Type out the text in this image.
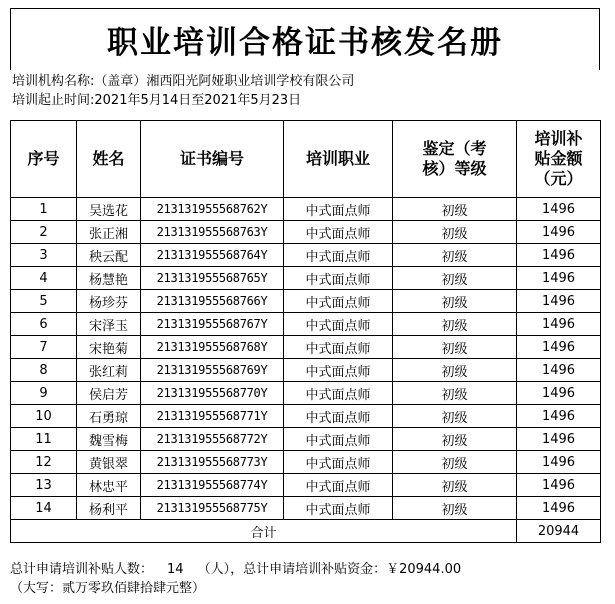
职业培训合格证书核发名册
培训机构名称:（盖章）湘西阳光阿娅职业培训学校有限公司
培训起止时间:2021年5月14日至2021年5月23日
序号	姓名	证书编号	培训职业	鉴定（考核）等级	培训补贴金额（元）
1	吴选花	213131955568762Y	中式面点师	初级	1496
2	张正湘	213131955568763Y	中式面点师	初级	1496
3	秧云配	213131955568764Y	中式面点师	初级	1496
4	杨慧艳	213131955568765Y	中式面点师	初级	1496
5	杨珍芬	213131955568766Y	中式面点师	初级	1496
6	宋泽玉	213131955568767Y	中式面点师	初级	1496
7	宋艳菊	213131955568768Y	中式面点师	初级	1496
8	张红莉	213131955568769Y	中式面点师	初级	1496
9	侯启芳	213131955568770Y	中式面点师	初级	1496
10	石勇琼	213131955568771Y	中式面点师	初级	1496
11	魏雪梅	213131955568772Y	中式面点师	初级	1496
12	黄银翠	213131955568773Y	中式面点师	初级	1496
13	林忠平	213131955568774Y	中式面点师	初级	1496
14	杨利平	213131955568775Y	中式面点师	初级	1496
合计					20944
总计申请培训补贴人数： 14 （人），总计申请培训补贴资金：￥20944.00
（大写：贰万零玖佰肆拾肆元整）
